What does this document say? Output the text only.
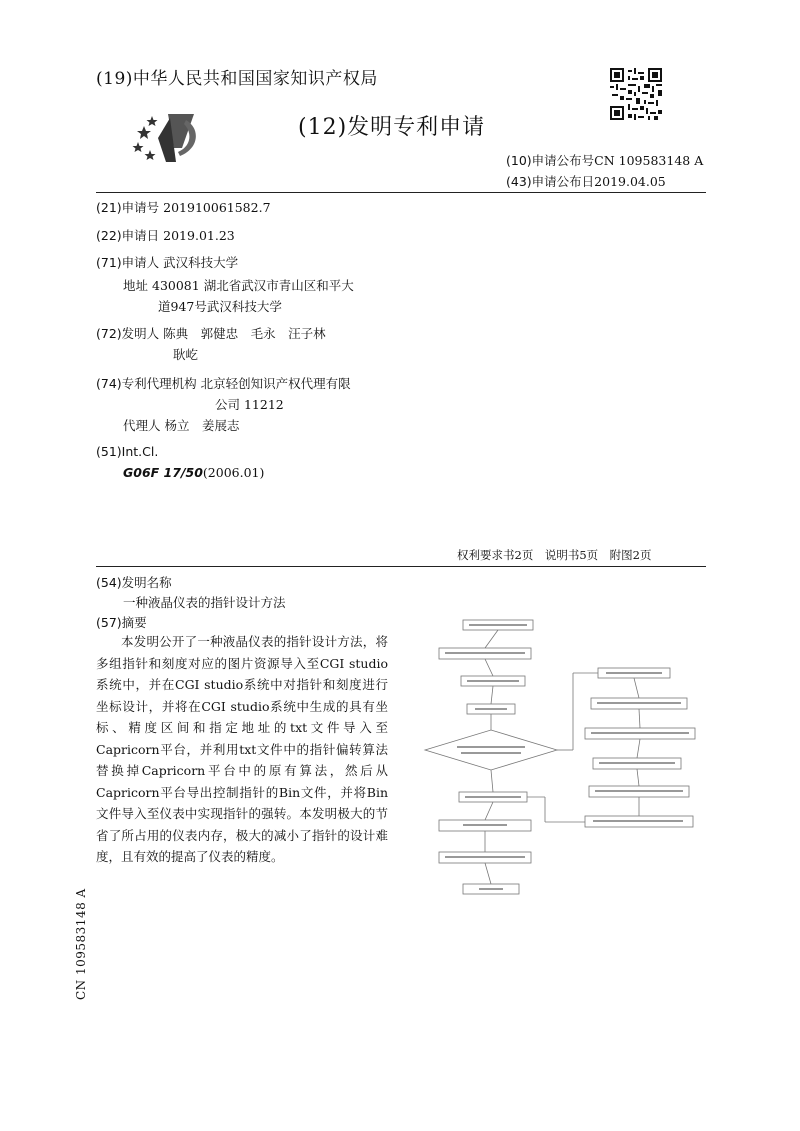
(19)中华人民共和国国家知识产权局
(12)发明专利申请
(10)申请公布号CN 109583148 A
(43)申请公布日2019.04.05
(21)申请号 201910061582.7
(22)申请日 2019.01.23
(71)申请人 武汉科技大学
地址 430081 湖北省武汉市青山区和平大
道947号武汉科技大学
(72)发明人 陈典　郭健忠　毛永　汪子林
耿屹
(74)专利代理机构 北京轻创知识产权代理有限
公司 11212
代理人 杨立　姜展志
(51)Int.Cl.
G06F 17/50(2006.01)
权利要求书2页　说明书5页　附图2页
(54)发明名称
一种液晶仪表的指针设计方法
(57)摘要

本发明公开了一种液晶仪表的指针设计方法，将多组指针和刻度对应的图片资源导入至CGI studio系统中，并在CGI studio系统中对指针和刻度进行坐标设计，并将在CGI studio系统中生成的具有坐标、精度区间和指定地址的txt文件导入至Capricorn平台，并利用txt文件中的指针偏转算法替换掉Capricorn平台中的原有算法，然后从Capricorn平台导出控制指针的Bin文件，并将Bin文件导入至仪表中实现指针的强转。本发明极大的节省了所占用的仪表内存，极大的减小了指针的设计难度，且有效的提高了仪表的精度。

CN 109583148 A
